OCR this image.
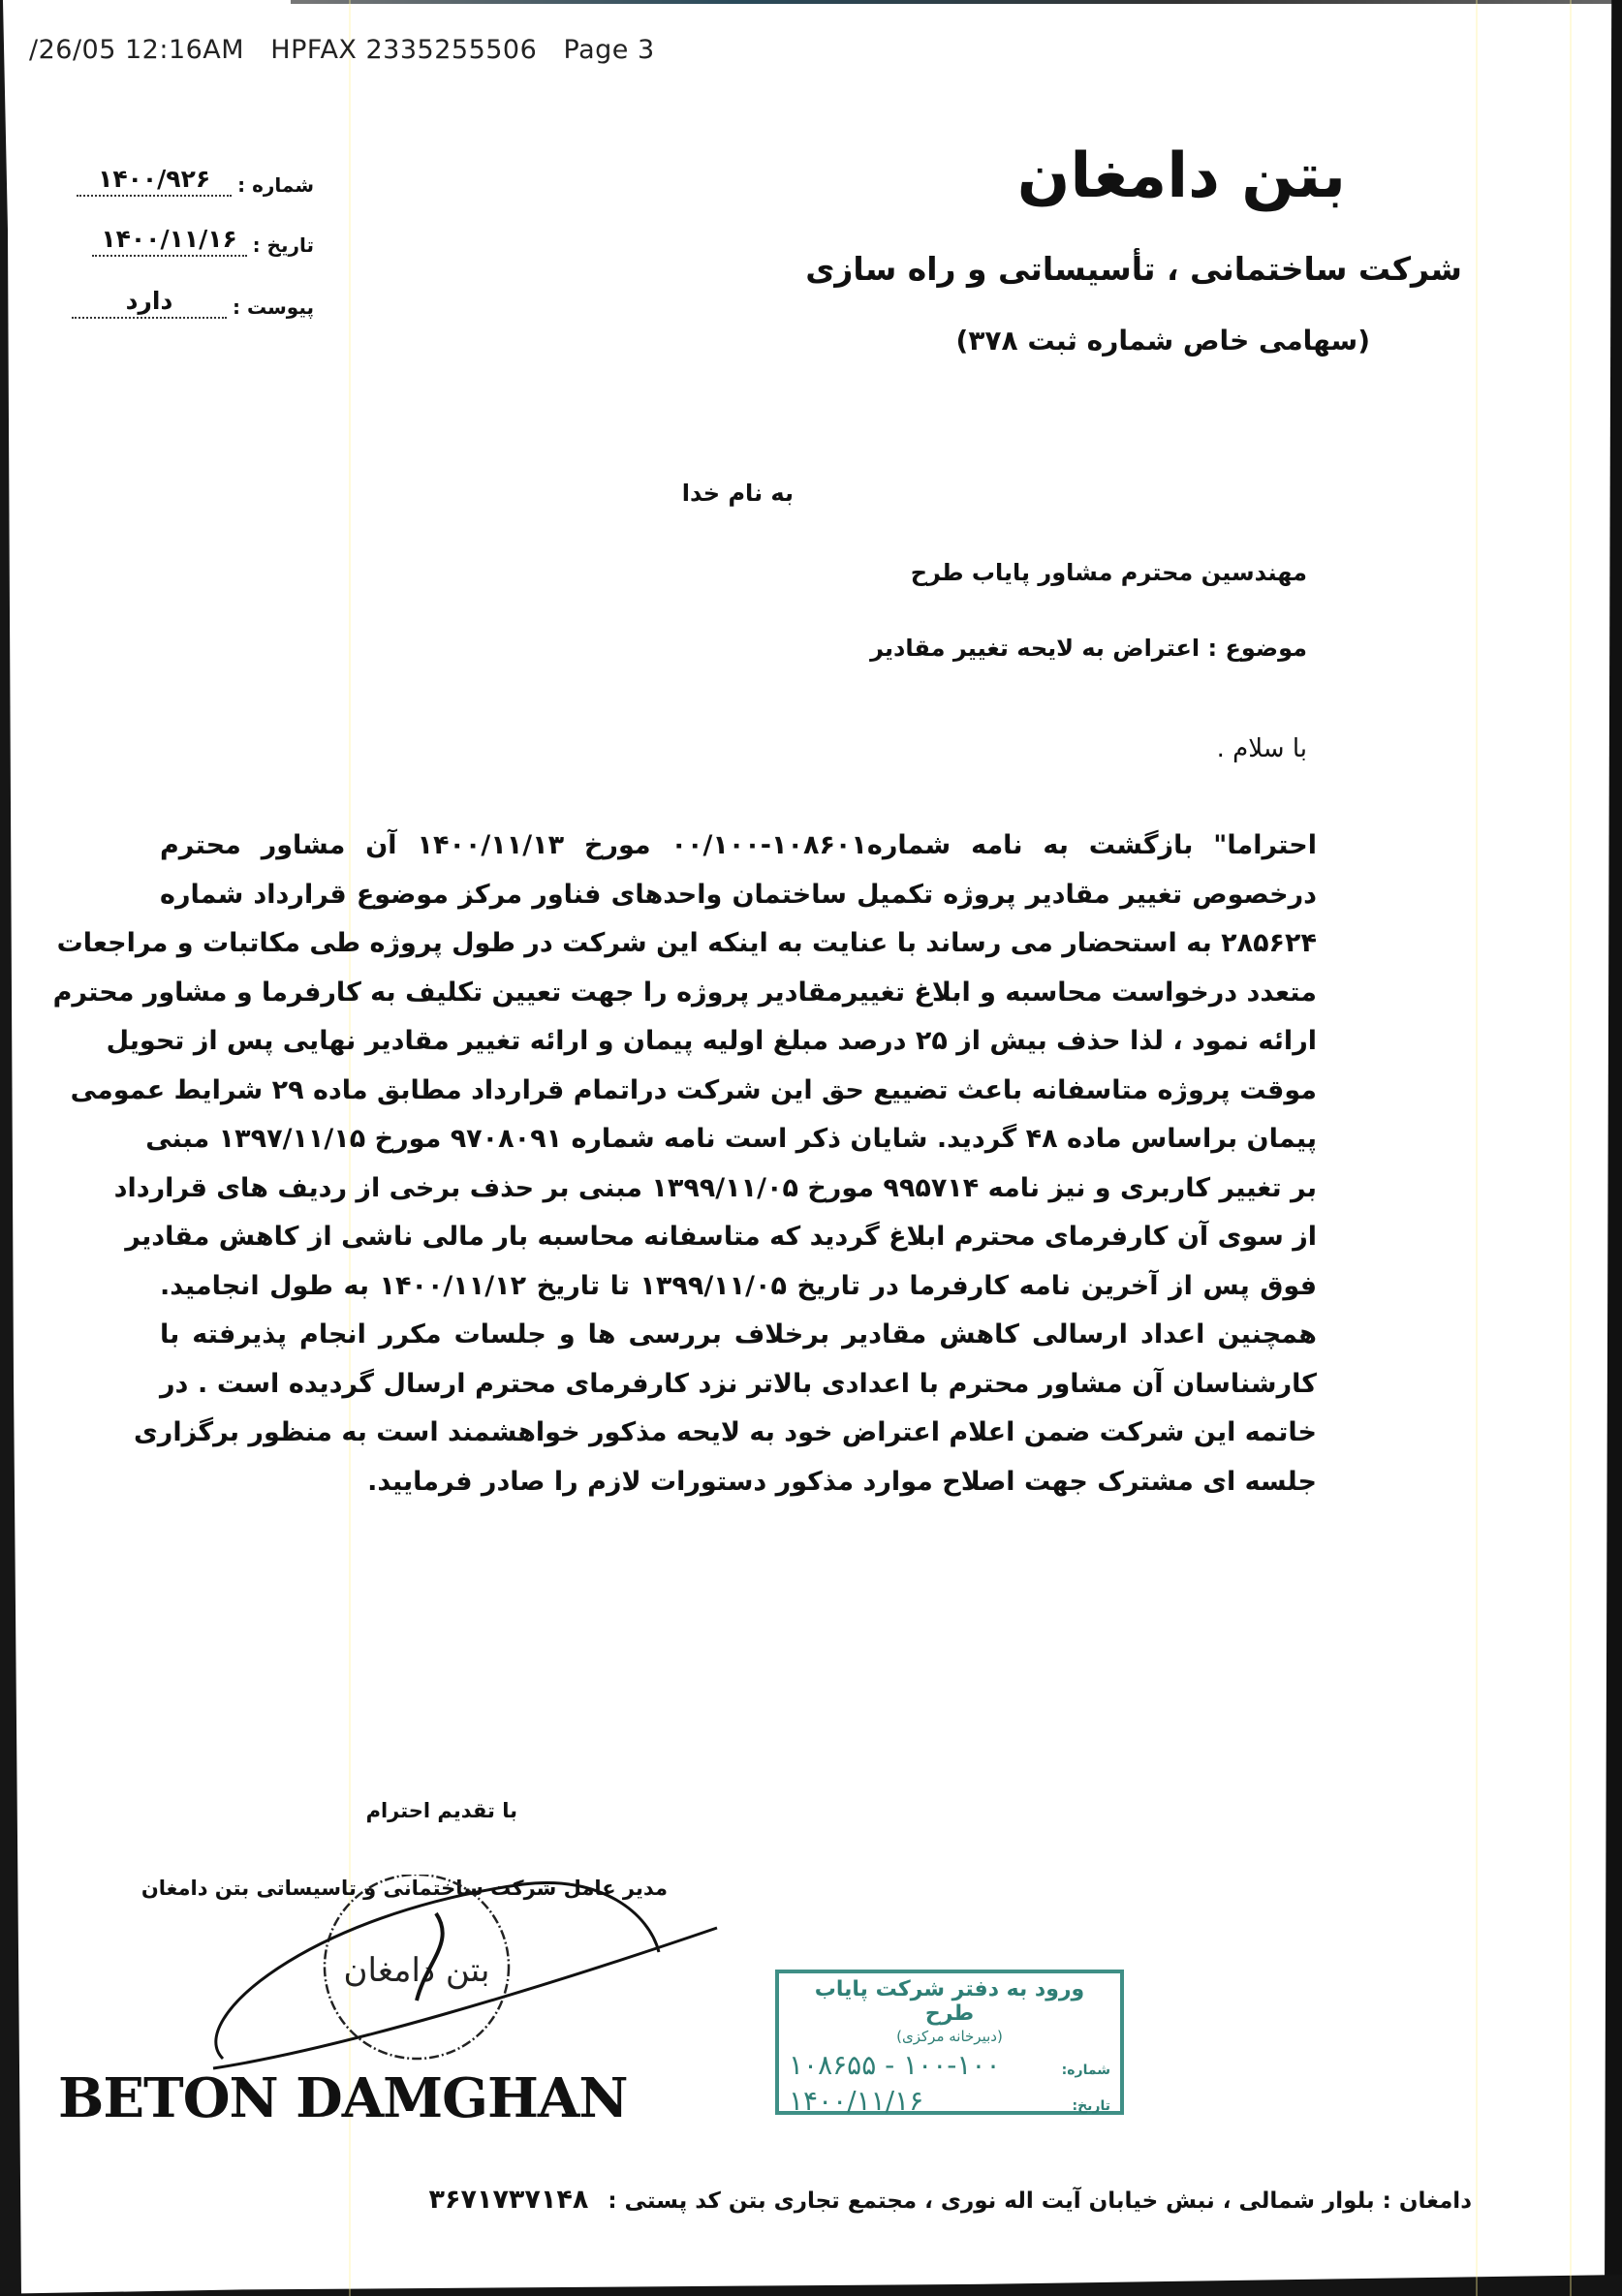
/26/05 12:16AM   HPFAX 2335255506   Page 3
بتن دامغان
شرکت ساختمانی ، تأسیساتی و راه سازی
(سهامی خاص شماره ثبت ۳۷۸)
شماره :
۱۴۰۰/۹۲۶
تاریخ :
۱۴۰۰/۱۱/۱۶
پیوست :
دارد
به نام خدا
مهندسین محترم مشاور پایاب طرح
موضوع : اعتراض به لایحه تغییر مقادیر
با سلام .
احتراما" بازگشت به نامه شماره۱۰۸۶۰۱-۰۰/۱۰۰ مورخ ۱۴۰۰/۱۱/۱۳ آن مشاور محترم
درخصوص تغییر مقادیر پروژه تکمیل ساختمان واحدهای فناور مرکز موضوع قرارداد شماره
۲۸۵۶۲۴ به استحضار می رساند با عنایت به اینکه این شرکت در طول پروژه طی مکاتبات و مراجعات
متعدد درخواست محاسبه و ابلاغ تغییرمقادیر پروژه را جهت تعیین تکلیف به کارفرما و مشاور محترم
ارائه نمود ، لذا حذف بیش از ۲۵ درصد مبلغ اولیه پیمان و ارائه تغییر مقادیر نهایی پس از تحویل
موقت پروژه متاسفانه باعث تضییع حق این شرکت دراتمام قرارداد مطابق ماده ۲۹ شرایط عمومی
پیمان براساس ماده ۴۸ گردید. شایان ذکر است نامه شماره ۹۷۰۸۰۹۱ مورخ ۱۳۹۷/۱۱/۱۵ مبنی
بر تغییر کاربری و نیز نامه ۹۹۵۷۱۴ مورخ ۱۳۹۹/۱۱/۰۵ مبنی بر حذف برخی از ردیف های قرارداد
از سوی آن کارفرمای محترم ابلاغ گردید که متاسفانه محاسبه بار مالی ناشی از کاهش مقادیر
فوق پس از آخرین نامه کارفرما در تاریخ ۱۳۹۹/۱۱/۰۵ تا تاریخ ۱۴۰۰/۱۱/۱۲ به طول انجامید.
همچنین اعداد ارسالی کاهش مقادیر برخلاف بررسی ها و جلسات مکرر انجام پذیرفته با
کارشناسان آن مشاور محترم با اعدادی بالاتر نزد کارفرمای محترم ارسال گردیده است . در
خاتمه این شرکت ضمن اعلام اعتراض خود به لایحه مذکور خواهشمند است به منظور برگزاری
جلسه ای مشترک جهت اصلاح موارد مذکور دستورات لازم را صادر فرمایید.
با تقدیم احترام
مدیر عامل شرکت ساختمانی و تاسیساتی بتن دامغان
بتن دامغان
BETON DAMGHAN
ورود به دفتر شرکت پایاب طرح
(دبیرخانه مرکزی)
شماره:
۱۰۸۶۵۵ - ۱۰۰-۱۰۰
تاریخ:
۱۴۰۰/۱۱/۱۶
دامغان : بلوار شمالی ، نبش خیابان آیت اله نوری ، مجتمع تجاری بتن کد پستی : ۳۶۷۱۷۳۷۱۴۸
